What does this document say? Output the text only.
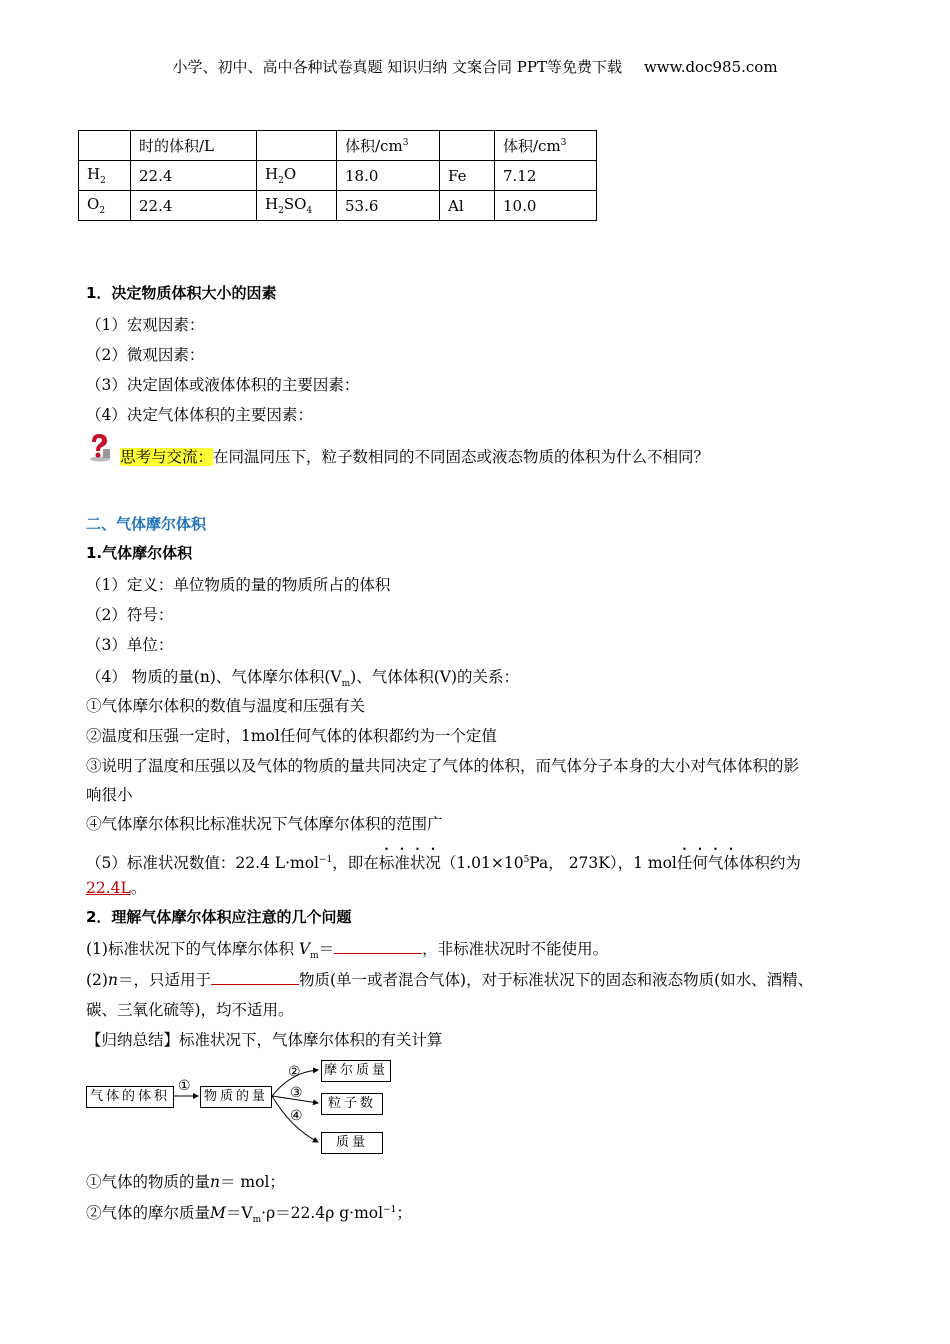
小学、初中、高中各种试卷真题 知识归纳 文案合同 PPT等免费下载 www.doc985.com
	时的体积/L		体积$/cm^3$		体积$/cm^3$
$H_2$	22.4	$H_2O$	18.0	Fe	7.12
$O_2$	22.4	$H_2SO_4$	53.6	Al	10.0
1．决定物质体积大小的因素
（1）宏观因素：
（2）微观因素：
（3）决定固体或液体体积的主要因素：
（4）决定气体体积的主要因素：
思考与交流：在同温同压下，粒子数相同的不同固态或液态物质的体积为什么不相同？
二、气体摩尔体积
1.气体摩尔体积
（1）定义：单位物质的量的物质所占的体积
（2）符号：
（3）单位：
（4） 物质的量(n)、气体摩尔体积$(V_m)$、气体体积(V)的关系：
①气体摩尔体积的数值与温度和压强有关
②温度和压强一定时，1mol任何气体的体积都约为一个定值
③说明了温度和压强以及气体的物质的量共同决定了气体的体积，而气体分子本身的大小对气体体积的影
响很小
④气体摩尔体积比标准状况下气体摩尔体积的范围广
（5）标准状况数值：22.4 L·mol$^{-1}$，即在标准状况（$1.01\times 10^5Pa$， 273K），1 mol任何气体体积约为
22.4L。
2．理解气体摩尔体积应注意的几个问题
(1)标准状况下的气体摩尔体积 $V_m=$	，非标准状况时不能使用。
(2)n＝，只适用于	物质(单一或者混合气体)，对于标准状况下的固态和液态物质(如水、酒精、
碳、三氧化硫等)，均不适用。
【归纳总结】标准状况下，气体摩尔体积的有关计算
气体的体积	物质的量
摩尔质量
粒子数
质量
①
②
③
④
①气体的物质的量n＝ mol；
②气体的摩尔质量$M=V_m\cdot\rho=22.4\rho$ g·mol$^{-1}$；
